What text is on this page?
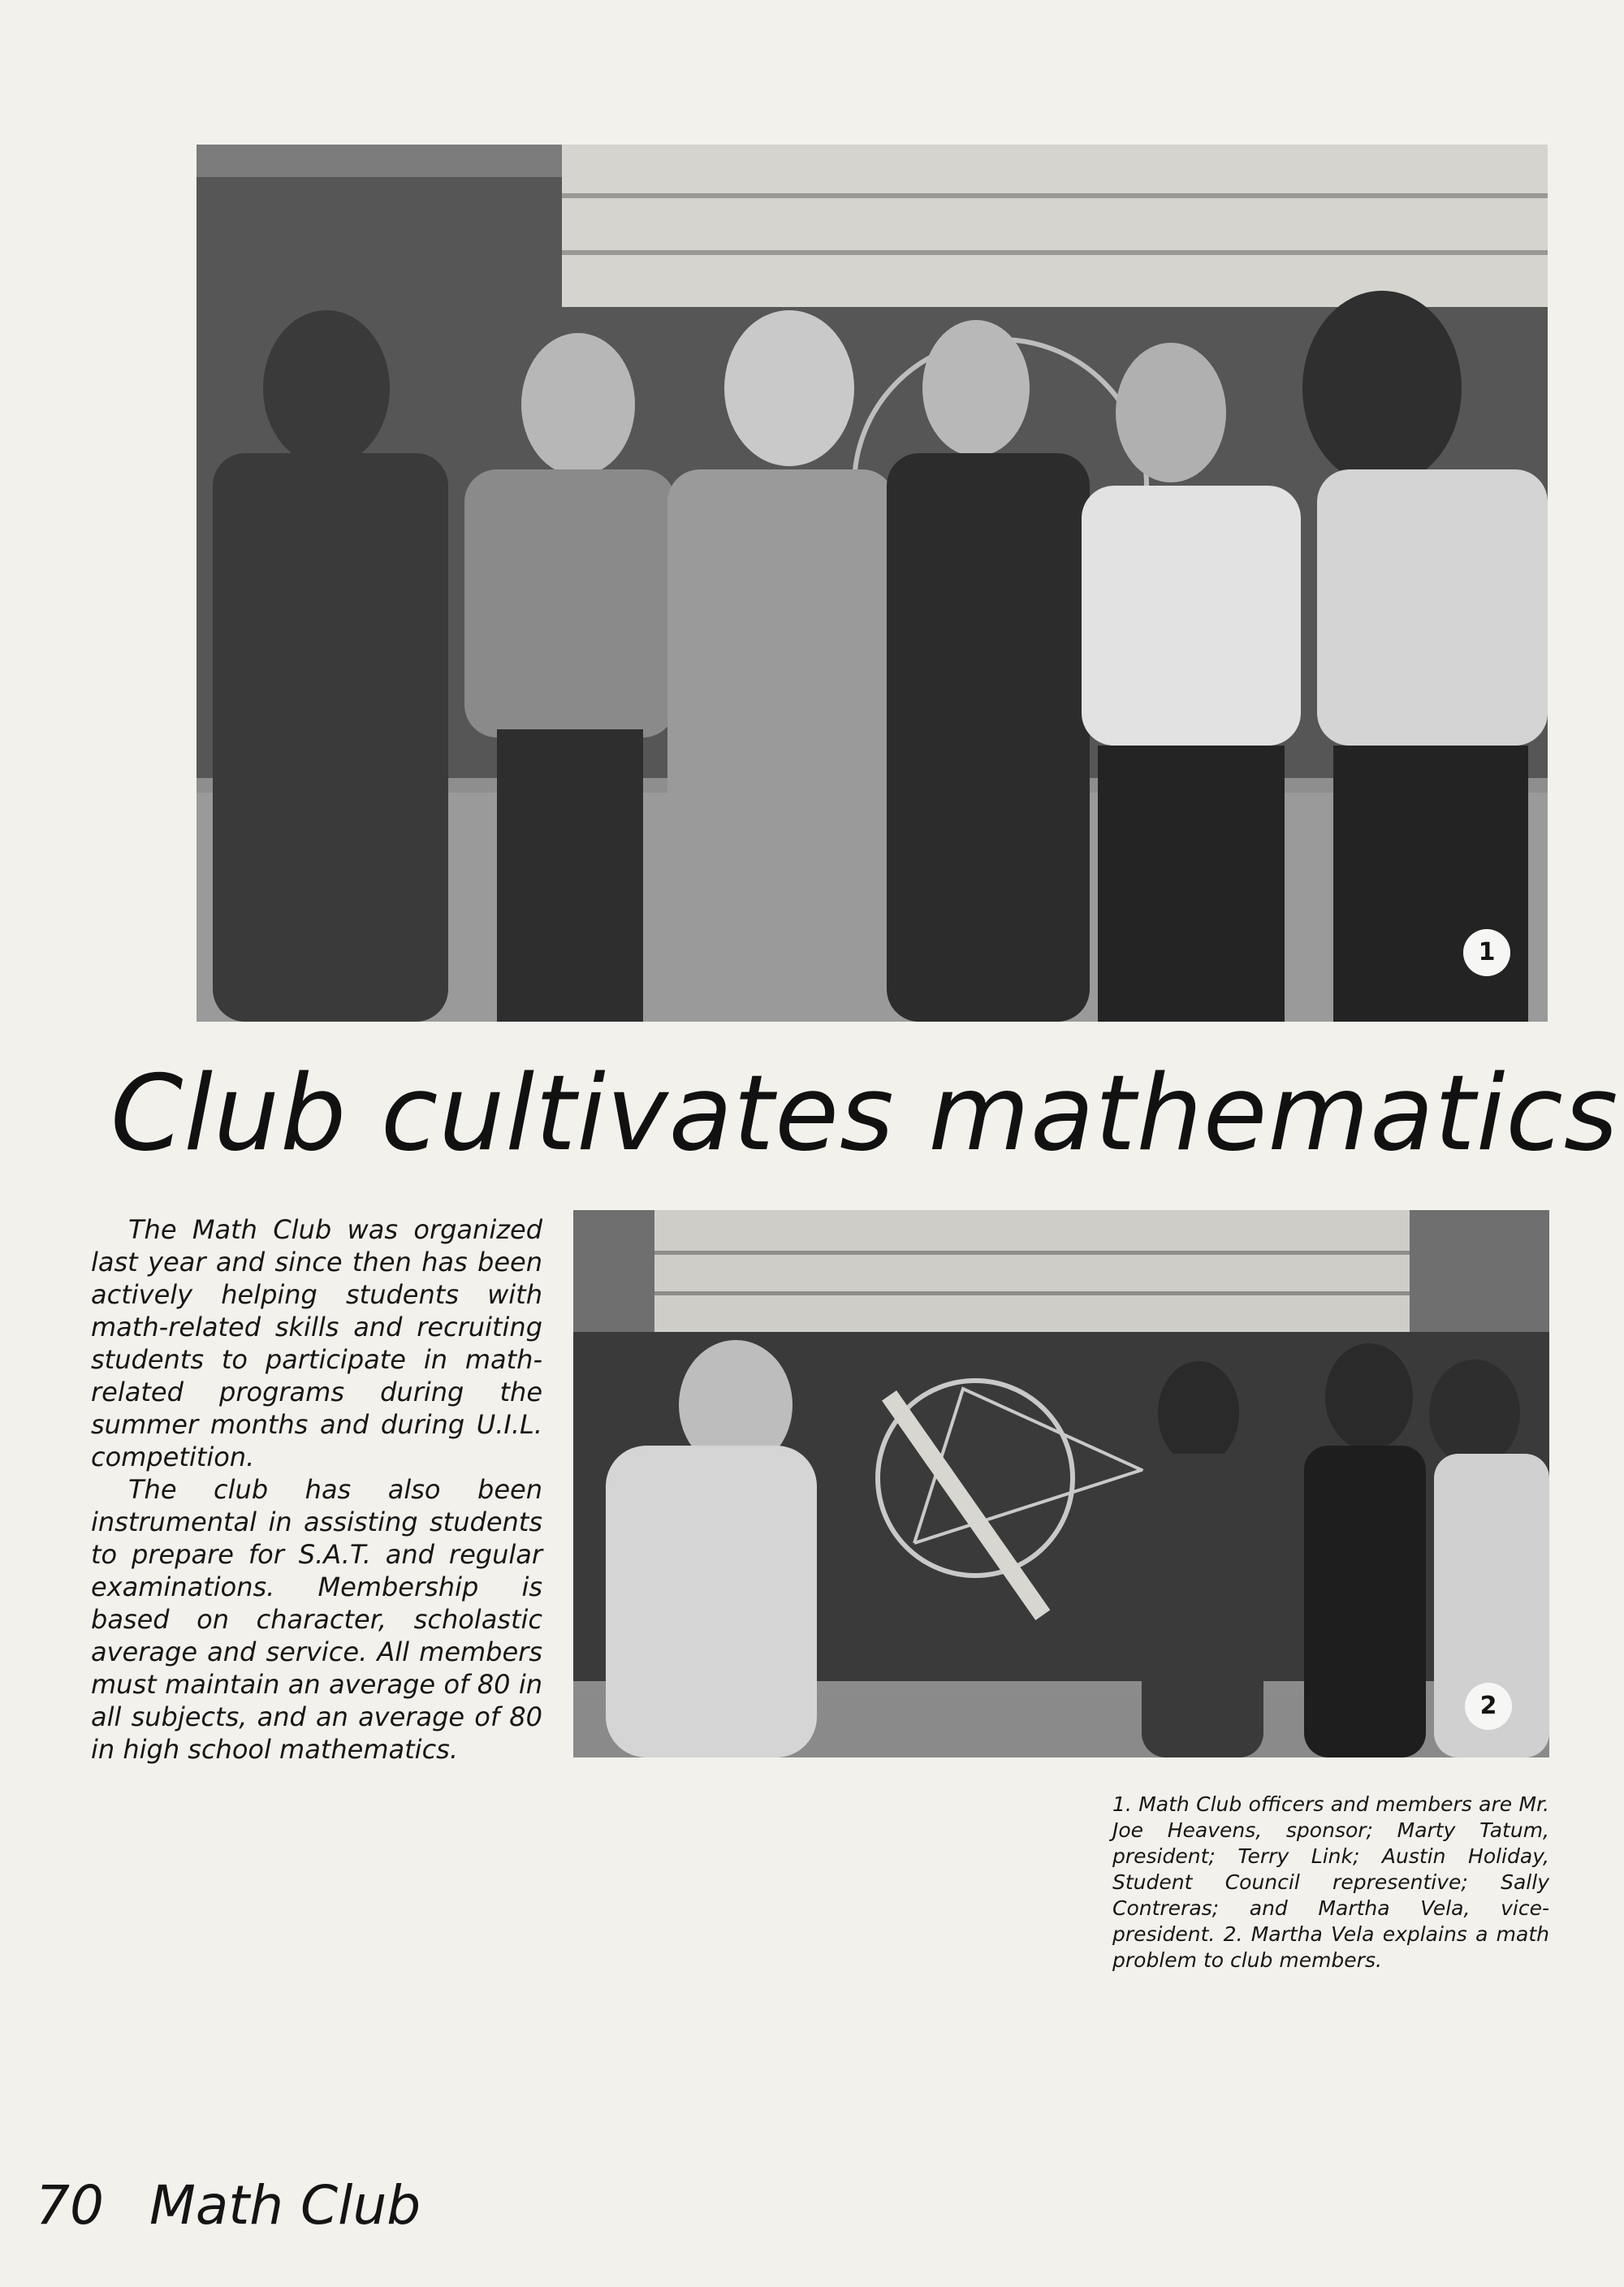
1
Club cultivates mathematics

The Math Club was organized last year and since then has been actively helping students with math-related skills and recruiting students to participate in math-related programs during the summer months and during U.I.L. competition.

The club has also been instrumental in assisting students to prepare for S.A.T. and regular examinations. Membership is based on character, scholastic average and service. All members must maintain an average of 80 in all subjects, and an average of 80 in high school mathematics.

2

1. Math Club officers and members are Mr. Joe Heavens, sponsor; Marty Tatum, president; Terry Link; Austin Holiday, Student Council representive; Sally Contreras; and Martha Vela, vice-president. 2. Martha Vela explains a math problem to club members.

70 Math Club
